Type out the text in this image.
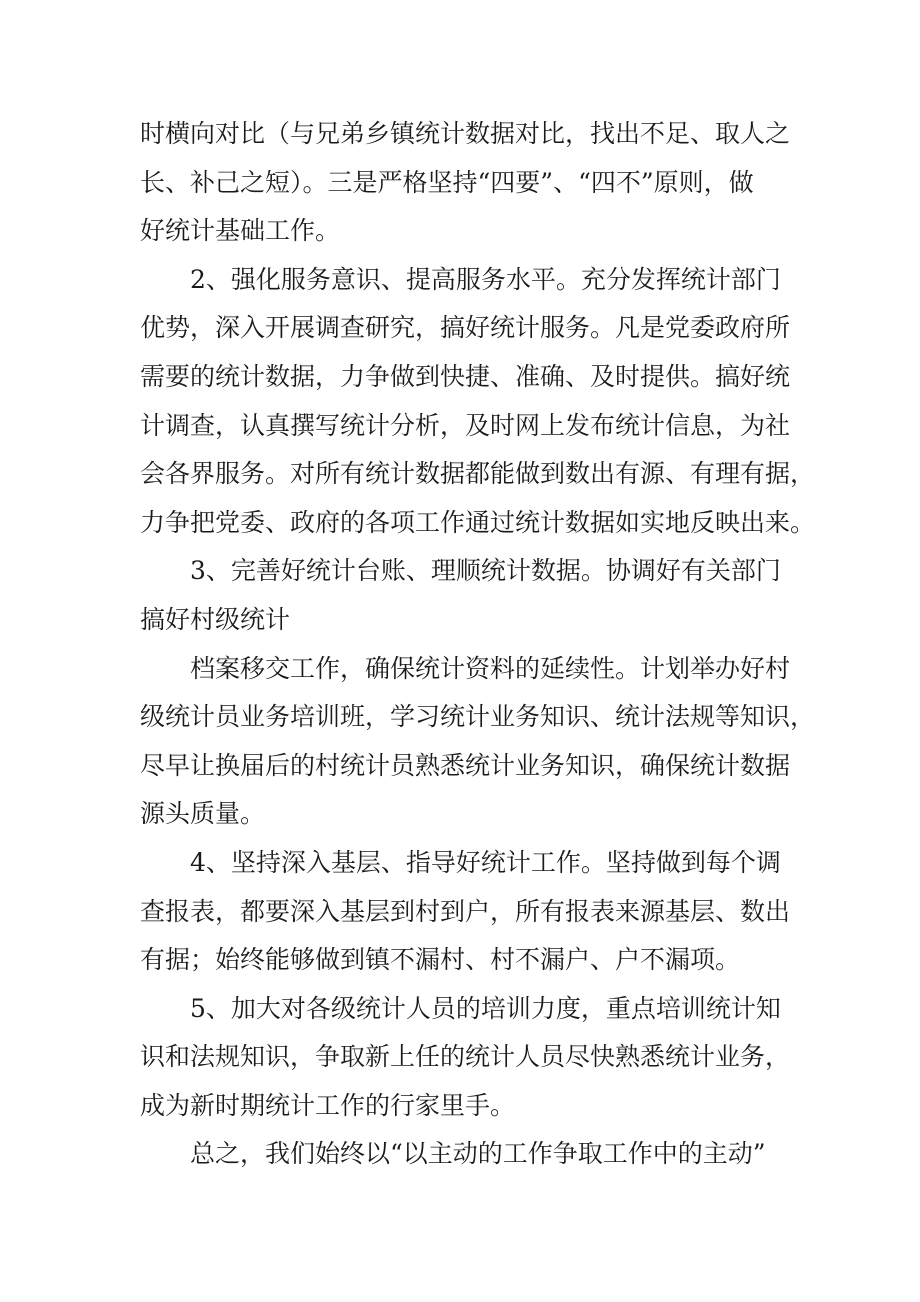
时横向对比（与兄弟乡镇统计数据对比，找出不足、取人之

长、补己之短）。三是严格坚持“四要”、“四不”原则，做

好统计基础工作。

2、强化服务意识、提高服务水平。充分发挥统计部门

优势，深入开展调查研究，搞好统计服务。凡是党委政府所

需要的统计数据，力争做到快捷、准确、及时提供。搞好统

计调查，认真撰写统计分析，及时网上发布统计信息，为社

会各界服务。对所有统计数据都能做到数出有源、有理有据，

力争把党委、政府的各项工作通过统计数据如实地反映出来。

3、完善好统计台账、理顺统计数据。协调好有关部门

搞好村级统计

档案移交工作，确保统计资料的延续性。计划举办好村

级统计员业务培训班，学习统计业务知识、统计法规等知识，

尽早让换届后的村统计员熟悉统计业务知识，确保统计数据

源头质量。

4、坚持深入基层、指导好统计工作。坚持做到每个调

查报表，都要深入基层到村到户，所有报表来源基层、数出

有据；始终能够做到镇不漏村、村不漏户、户不漏项。

5、加大对各级统计人员的培训力度，重点培训统计知

识和法规知识，争取新上任的统计人员尽快熟悉统计业务，

成为新时期统计工作的行家里手。

总之，我们始终以“以主动的工作争取工作中的主动”
